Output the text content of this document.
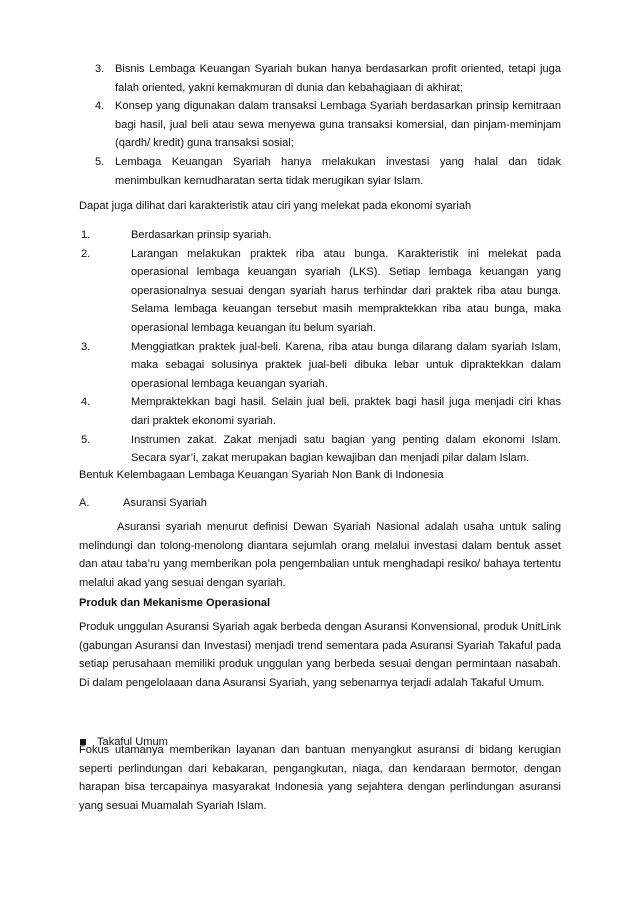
3. Bisnis Lembaga Keuangan Syariah bukan hanya berdasarkan profit oriented, tetapi juga falah oriented, yakni kemakmuran di dunia dan kebahagiaan di akhirat;
4. Konsep yang digunakan dalam transaksi Lembaga Syariah berdasarkan prinsip kemitraan bagi hasil, jual beli atau sewa menyewa guna transaksi komersial, dan pinjam-meminjam (qardh/ kredit) guna transaksi sosial;
5. Lembaga Keuangan Syariah hanya melakukan investasi yang halal dan tidak menimbulkan kemudharatan serta tidak merugikan syiar Islam.

Dapat juga dilihat dari karakteristik atau ciri yang melekat pada ekonomi syariah

1.	Berdasarkan prinsip syariah.
2.	Larangan melakukan praktek riba atau bunga. Karakteristik ini melekat pada operasional lembaga keuangan syariah (LKS). Setiap lembaga keuangan yang operasionalnya sesuai dengan syariah harus terhindar dari praktek riba atau bunga. Selama lembaga keuangan tersebut masih mempraktekkan riba atau bunga, maka operasional lembaga keuangan itu belum syariah.
3.	Menggiatkan praktek jual-beli. Karena, riba atau bunga dilarang dalam syariah Islam, maka sebagai solusinya praktek jual-beli dibuka lebar untuk dipraktekkan dalam operasional lembaga keuangan syariah.
4.	Mempraktekkan bagi hasil. Selain jual beli, praktek bagi hasil juga menjadi ciri khas dari praktek ekonomi syariah.
5.	Instrumen zakat. Zakat menjadi satu bagian yang penting dalam ekonomi Islam. Secara syar’i, zakat merupakan bagian kewajiban dan menjadi pilar dalam Islam.

Bentuk Kelembagaan Lembaga Keuangan Syariah Non Bank di Indonesia

A.	Asuransi Syariah

Asuransi syariah menurut definisi Dewan Syariah Nasional adalah usaha untuk saling melindungi dan tolong-menolong diantara sejumlah orang melalui investasi dalam bentuk asset dan atau taba’ru yang memberikan pola pengembalian untuk menghadapi resiko/ bahaya tertentu melalui akad yang sesuai dengan syariah.

Produk dan Mekanisme Operasional

Produk unggulan Asuransi Syariah agak berbeda dengan Asuransi Konvensional, produk UnitLink (gabungan Asuransi dan Investasi) menjadi trend sementara pada Asuransi Syariah Takaful pada setiap perusahaan memiliki produk unggulan yang berbeda sesuai dengan permintaan nasabah. Di dalam pengelolaaan dana Asuransi Syariah, yang sebenarnya terjadi adalah Takaful Umum.

Takaful Umum

Fokus utamanya memberikan layanan dan bantuan menyangkut asuransi di bidang kerugian seperti perlindungan dari kebakaran, pengangkutan, niaga, dan kendaraan bermotor, dengan harapan bisa tercapainya masyarakat Indonesia yang sejahtera dengan perlindungan asuransi yang sesuai Muamalah Syariah Islam.
